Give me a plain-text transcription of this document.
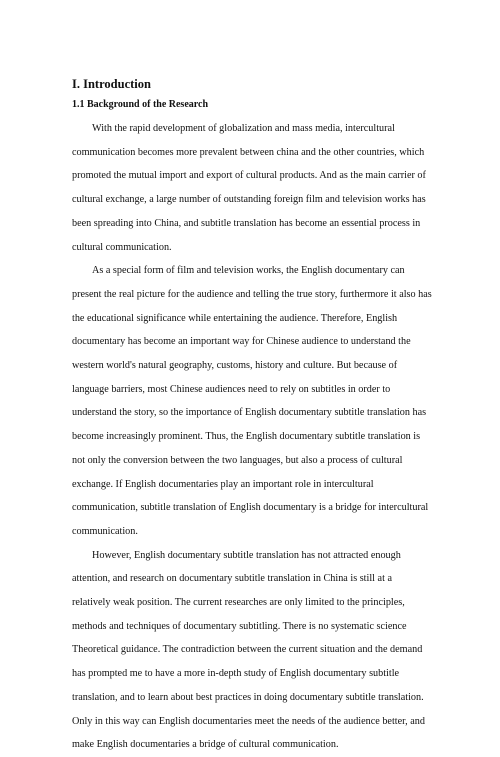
I. Introduction
1.1 Background of the Research
With the rapid development of globalization and mass media, intercultural
communication becomes more prevalent between china and the other countries, which
promoted the mutual import and export of cultural products. And as the main carrier of
cultural exchange, a large number of outstanding foreign film and television works has
been spreading into China, and subtitle translation has become an essential process in
cultural communication.
As a special form of film and television works, the English documentary can
present the real picture for the audience and telling the true story, furthermore it also has
the educational significance while entertaining the audience. Therefore, English
documentary has become an important way for Chinese audience to understand the
western world's natural geography, customs, history and culture. But because of
language barriers, most Chinese audiences need to rely on subtitles in order to
understand the story, so the importance of English documentary subtitle translation has
become increasingly prominent. Thus, the English documentary subtitle translation is
not only the conversion between the two languages, but also a process of cultural
exchange. If English documentaries play an important role in intercultural
communication, subtitle translation of English documentary is a bridge for intercultural
communication.
However, English documentary subtitle translation has not attracted enough
attention, and research on documentary subtitle translation in China is still at a
relatively weak position. The current researches are only limited to the principles,
methods and techniques of documentary subtitling. There is no systematic science
Theoretical guidance. The contradiction between the current situation and the demand
has prompted me to have a more in-depth study of English documentary subtitle
translation, and to learn about best practices in doing documentary subtitle translation.
Only in this way can English documentaries meet the needs of the audience better, and
make English documentaries a bridge of cultural communication.
